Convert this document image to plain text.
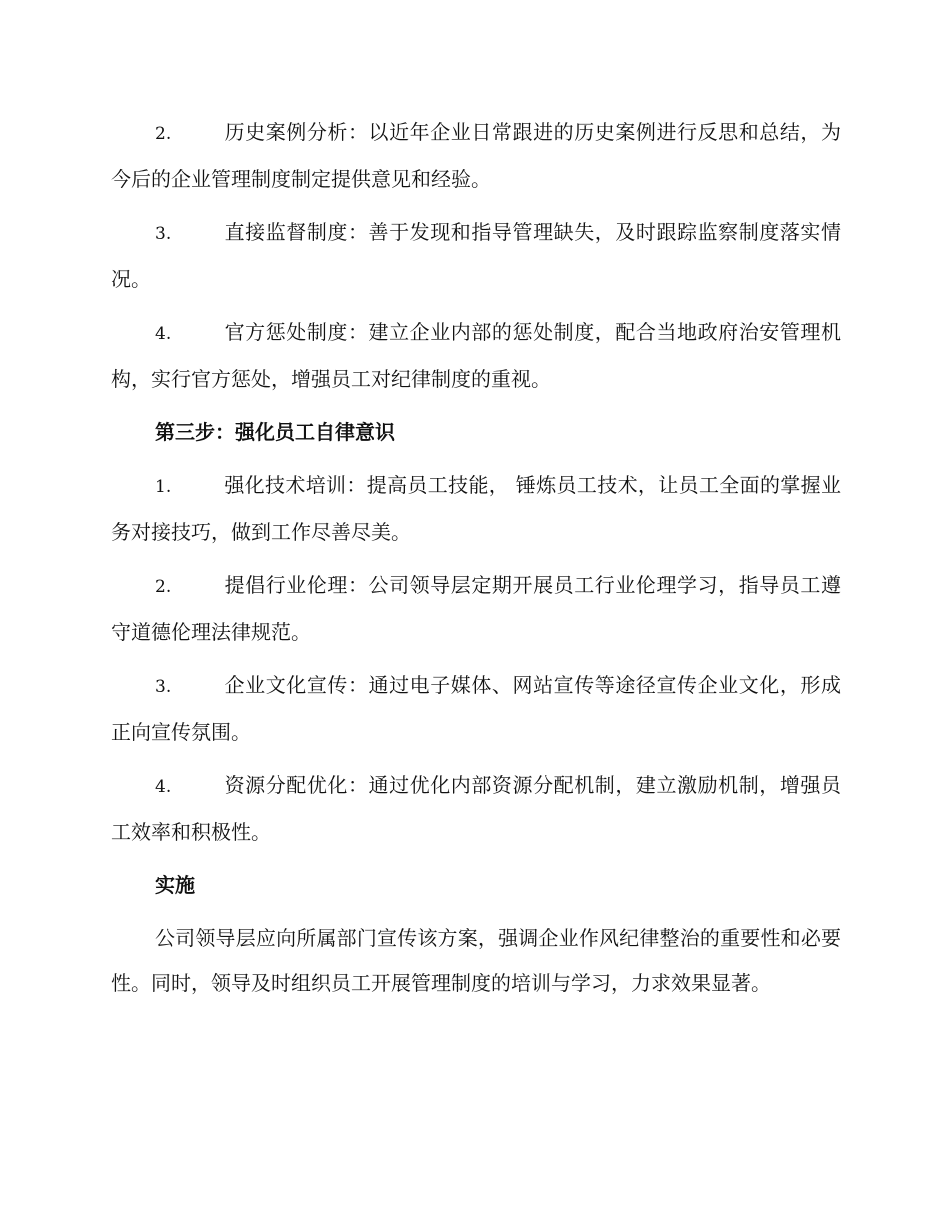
2.	历史案例分析：以近年企业日常跟进的历史案例进行反思和总结，为今后的企业管理制度制定提供意见和经验。

3.	直接监督制度：善于发现和指导管理缺失，及时跟踪监察制度落实情况。

4.	官方惩处制度：建立企业内部的惩处制度，配合当地政府治安管理机构，实行官方惩处，增强员工对纪律制度的重视。

第三步：强化员工自律意识

1.	强化技术培训：提高员工技能， 锤炼员工技术，让员工全面的掌握业务对接技巧，做到工作尽善尽美。

2.	提倡行业伦理：公司领导层定期开展员工行业伦理学习，指导员工遵守道德伦理法律规范。

3.	企业文化宣传：通过电子媒体、网站宣传等途径宣传企业文化，形成正向宣传氛围。

4.	资源分配优化：通过优化内部资源分配机制，建立激励机制，增强员工效率和积极性。

实施

公司领导层应向所属部门宣传该方案，强调企业作风纪律整治的重要性和必要性。同时，领导及时组织员工开展管理制度的培训与学习，力求效果显著。
